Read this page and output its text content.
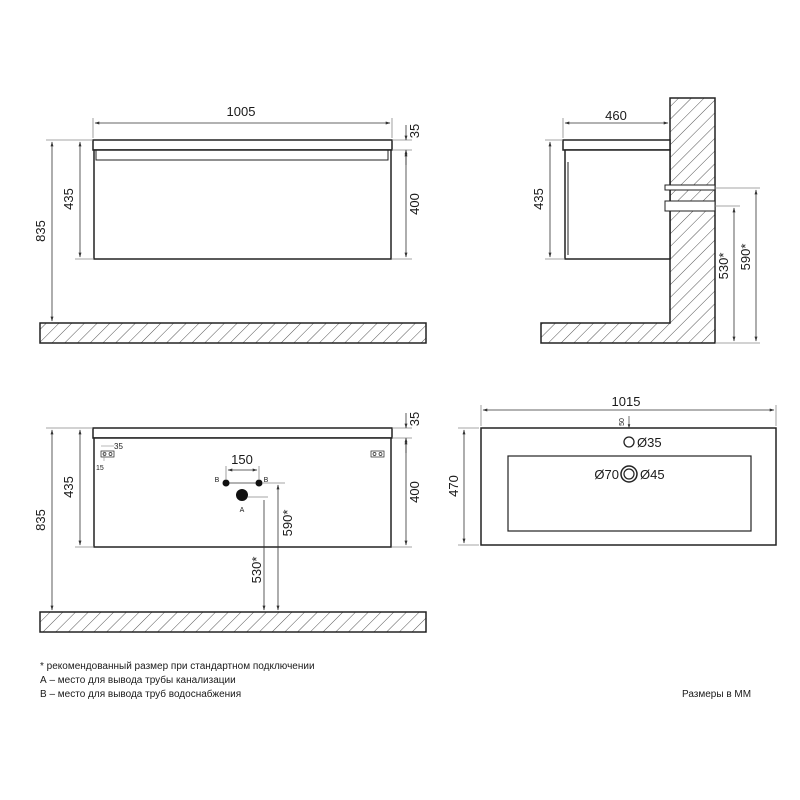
1005
35
400
435
835
460
435
530* 590*
35
15
150
B	B
A	590*
530*
35
400
435
835
1015
470
50
Ø35
Ø70 Ø45
* рекомендованный размер при стандартном подключении
А – место для вывода трубы канализации
В – место для вывода труб водоснабжения	Размеры в ММ
